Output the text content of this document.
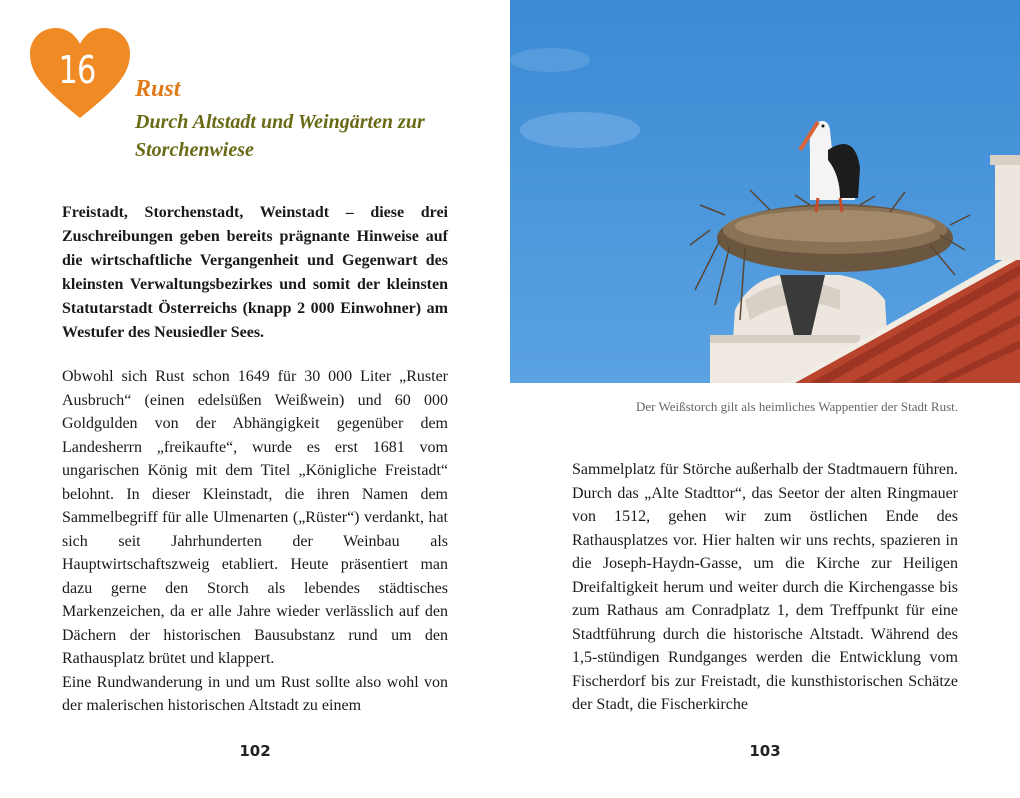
16	Rust
Durch Altstadt und Weingärten zur Storchenwiese
Freistadt, Storchenstadt, Weinstadt – diese drei Zuschreibungen geben bereits prägnante Hinweise auf die wirtschaftliche Vergangenheit und Gegenwart des kleinsten Verwaltungsbezirkes und somit der kleinsten Statutarstadt Österreichs (knapp 2 000 Einwohner) am Westufer des Neusiedler Sees.

Obwohl sich Rust schon 1649 für 30 000 Liter „Ruster Ausbruch“ (einen edelsüßen Weißwein) und 60 000 Goldgulden von der Abhängigkeit gegenüber dem Landesherrn „freikaufte“, wurde es erst 1681 vom ungarischen König mit dem Titel „Königliche Freistadt“ belohnt. In dieser Kleinstadt, die ihren Namen dem Sammelbegriff für alle Ulmenarten („Rüster“) verdankt, hat sich seit Jahrhunderten der Weinbau als Hauptwirtschaftszweig etabliert. Heute präsentiert man dazu gerne den Storch als lebendes städtisches Markenzeichen, da er alle Jahre wieder verlässlich auf den Dächern der historischen Bausubstanz rund um den Rathausplatz brütet und klappert.

Eine Rundwanderung in und um Rust sollte also wohl von der malerischen historischen Altstadt zu einem

102
Der Weißstorch gilt als heimliches Wappentier der Stadt Rust.

Sammelplatz für Störche außerhalb der Stadtmauern führen. Durch das „Alte Stadttor“, das Seetor der alten Ringmauer von 1512, gehen wir zum östlichen Ende des Rathausplatzes vor. Hier halten wir uns rechts, spazieren in die Joseph-Haydn-Gasse, um die Kirche zur Heiligen Dreifaltigkeit herum und weiter durch die Kirchengasse bis zum Rathaus am Conradplatz 1, dem Treffpunkt für eine Stadtführung durch die historische Altstadt. Während des 1,5-stündigen Rundganges werden die Entwicklung vom Fischerdorf bis zur Freistadt, die kunsthistorischen Schätze der Stadt, die Fischerkirche

103
